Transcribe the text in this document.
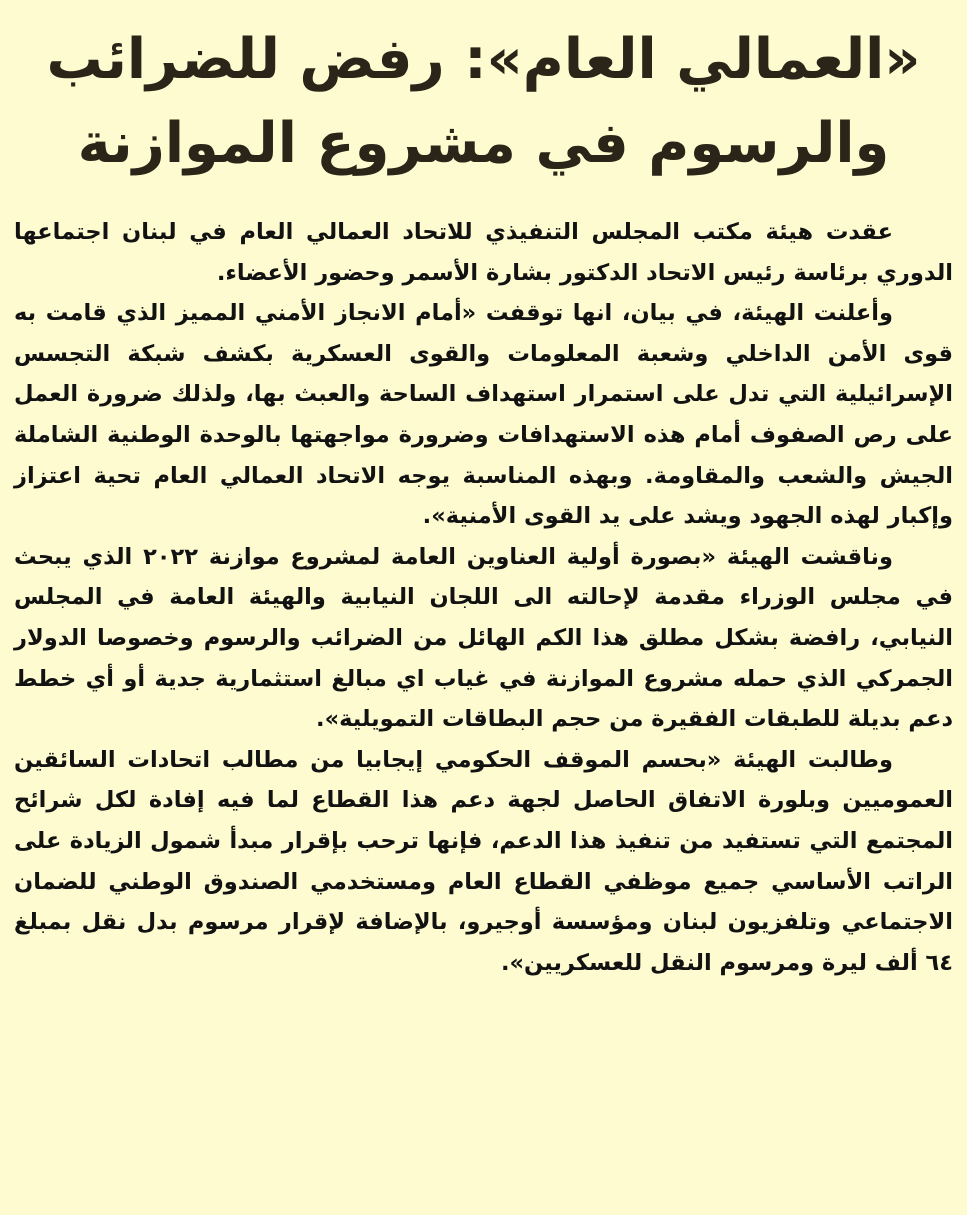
«العمالي العام»: رفض للضرائب
والرسوم في مشروع الموازنة

عقدت هيئة مكتب المجلس التنفيذي للاتحاد العمالي العام في لبنان اجتماعها الدوري برئاسة رئيس الاتحاد الدكتور بشارة الأسمر وحضور الأعضاء.

وأعلنت الهيئة، في بيان، انها توقفت «أمام الانجاز الأمني المميز الذي قامت به قوى الأمن الداخلي وشعبة المعلومات والقوى العسكرية بكشف شبكة التجسس الإسرائيلية التي تدل على استمرار استهداف الساحة والعبث بها، ولذلك ضرورة العمل على رص الصفوف أمام هذه الاستهدافات وضرورة مواجهتها بالوحدة الوطنية الشاملة الجيش والشعب والمقاومة. وبهذه المناسبة يوجه الاتحاد العمالي العام تحية اعتزاز وإكبار لهذه الجهود ويشد على يد القوى الأمنية».

وناقشت الهيئة «بصورة أولية العناوين العامة لمشروع موازنة ٢٠٢٢ الذي يبحث في مجلس الوزراء مقدمة لإحالته الى اللجان النيابية والهيئة العامة في المجلس النيابي، رافضة بشكل مطلق هذا الكم الهائل من الضرائب والرسوم وخصوصا الدولار الجمركي الذي حمله مشروع الموازنة في غياب اي مبالغ استثمارية جدية أو أي خطط دعم بديلة للطبقات الفقيرة من حجم البطاقات التمويلية».

وطالبت الهيئة «بحسم الموقف الحكومي إيجابيا من مطالب اتحادات السائقين العموميين وبلورة الاتفاق الحاصل لجهة دعم هذا القطاع لما فيه إفادة لكل شرائح المجتمع التي تستفيد من تنفيذ هذا الدعم، فإنها ترحب بإقرار مبدأ شمول الزيادة على الراتب الأساسي جميع موظفي القطاع العام ومستخدمي الصندوق الوطني للضمان الاجتماعي وتلفزيون لبنان ومؤسسة أوجيرو، بالإضافة لإقرار مرسوم بدل نقل بمبلغ ٦٤ ألف ليرة ومرسوم النقل للعسكريين».
